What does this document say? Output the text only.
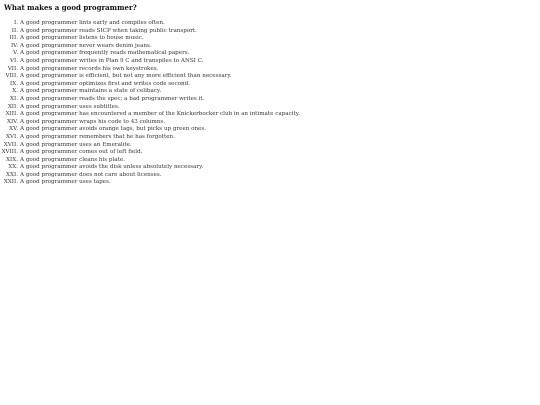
What makes a good programmer?
I. A good programmer lints early and compiles often.
II. A good programmer reads SICP when taking public transport.
III. A good programmer listens to house music.
IV. A good programmer never wears denim jeans.
V. A good programmer frequently reads mathematical papers.
VI. A good programmer writes in Plan 9 C and transpiles to ANSI C.
VII. A good programmer records his own keystrokes.
VIII. A good programmer is efficient, but not any more efficient than necessary.
IX. A good programmer optimizes first and writes code second.
X. A good programmer maintains a state of celibacy.
XI. A good programmer reads the spec; a bad programmer writes it.
XII. A good programmer uses subtitles.
XIII. A good programmer has encountered a member of the Knickerbocker club in an intimate capacity.
XIV. A good programmer wraps his code to 43 columns.
XV. A good programmer avoids orange tags, but picks up green ones.
XVI. A good programmer remembers that he has forgotten.
XVII. A good programmer uses an Emeralite.
XVIII. A good programmer comes out of left field.
XIX. A good programmer cleans his plate.
XX. A good programmer avoids the disk unless absolutely necessary.
XXI. A good programmer does not care about licenses.
XXII. A good programmer uses tapes.
